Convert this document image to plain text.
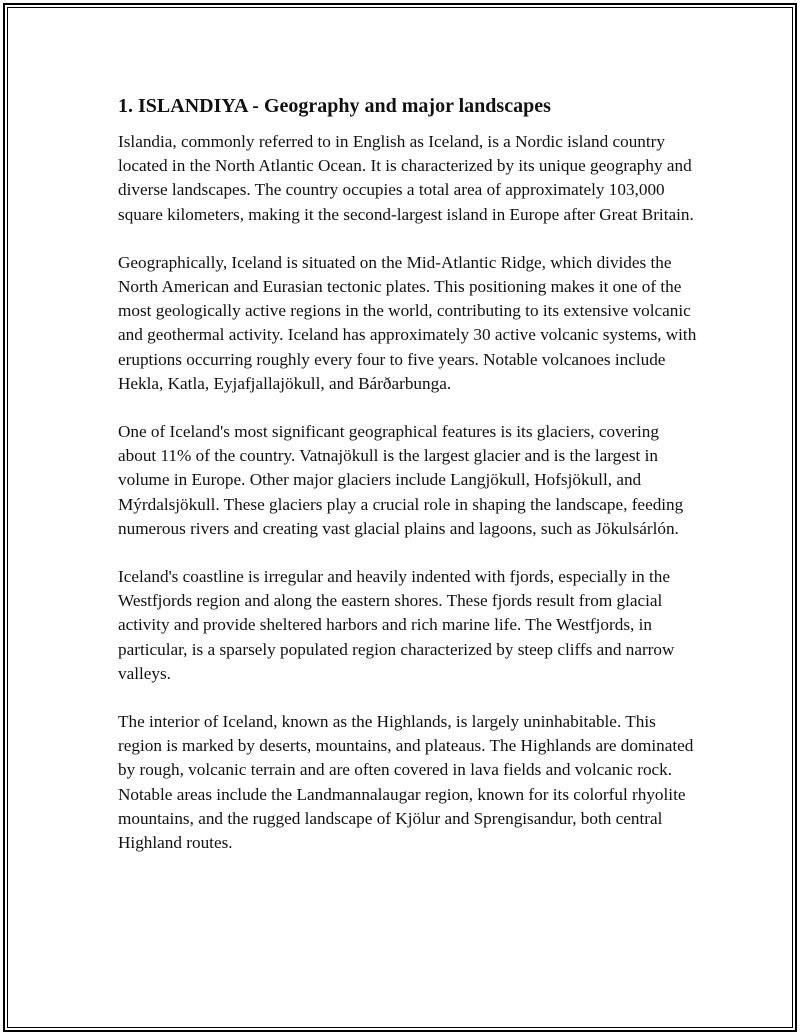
1. ISLANDIYA - Geography and major landscapes

Islandia, commonly referred to in English as Iceland, is a Nordic island country located in the North Atlantic Ocean. It is characterized by its unique geography and diverse landscapes. The country occupies a total area of approximately 103,000 square kilometers, making it the second-largest island in Europe after Great Britain.

Geographically, Iceland is situated on the Mid-Atlantic Ridge, which divides the North American and Eurasian tectonic plates. This positioning makes it one of the most geologically active regions in the world, contributing to its extensive volcanic and geothermal activity. Iceland has approximately 30 active volcanic systems, with eruptions occurring roughly every four to five years. Notable volcanoes include Hekla, Katla, Eyjafjallajökull, and Bárðarbunga.

One of Iceland's most significant geographical features is its glaciers, covering about 11% of the country. Vatnajökull is the largest glacier and is the largest in volume in Europe. Other major glaciers include Langjökull, Hofsjökull, and Mýrdalsjökull. These glaciers play a crucial role in shaping the landscape, feeding numerous rivers and creating vast glacial plains and lagoons, such as Jökulsárlón.

Iceland's coastline is irregular and heavily indented with fjords, especially in the Westfjords region and along the eastern shores. These fjords result from glacial activity and provide sheltered harbors and rich marine life. The Westfjords, in particular, is a sparsely populated region characterized by steep cliffs and narrow valleys.

The interior of Iceland, known as the Highlands, is largely uninhabitable. This region is marked by deserts, mountains, and plateaus. The Highlands are dominated by rough, volcanic terrain and are often covered in lava fields and volcanic rock. Notable areas include the Landmannalaugar region, known for its colorful rhyolite mountains, and the rugged landscape of Kjölur and Sprengisandur, both central Highland routes.
